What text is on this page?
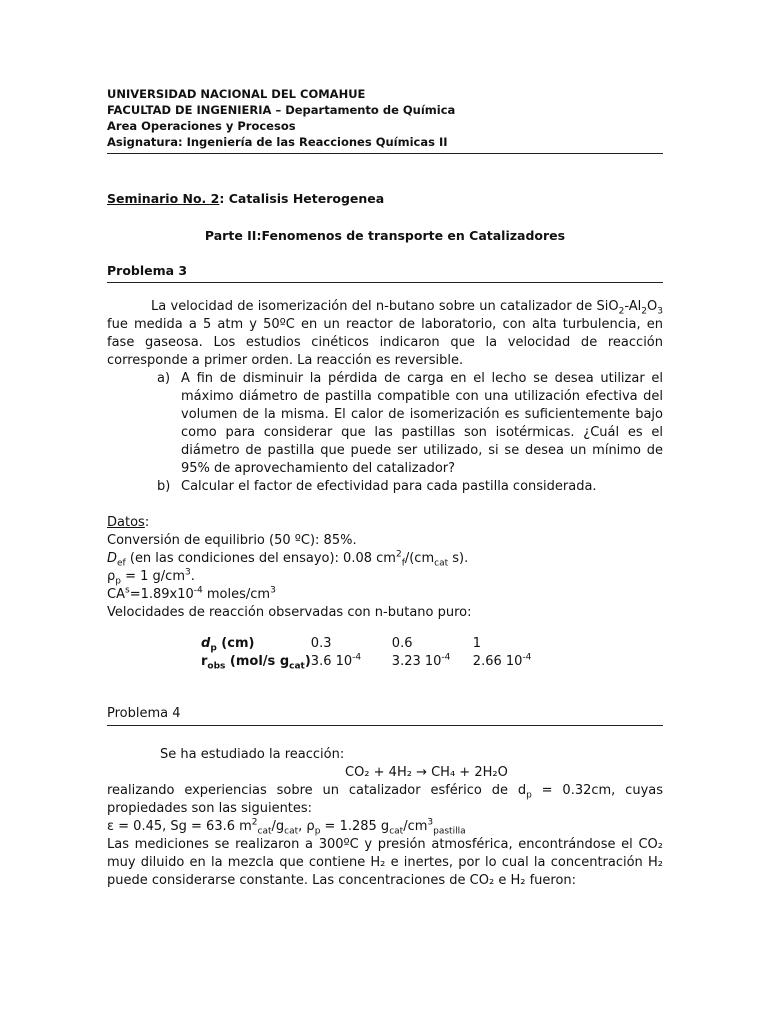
UNIVERSIDAD NACIONAL DEL COMAHUE
FACULTAD DE INGENIERIA – Departamento de Química
Area Operaciones y Procesos
Asignatura: Ingeniería de las Reacciones Químicas II
Seminario No. 2: Catalisis Heterogenea
Parte II:Fenomenos de transporte en Catalizadores
Problema 3
La velocidad de isomerización del n-butano sobre un catalizador de $SiO_2-Al_2O_3$ fue medida a 5 atm y 50ºC en un reactor de laboratorio, con alta turbulencia, en fase gaseosa. Los estudios cinéticos indicaron que la velocidad de reacción corresponde a primer orden. La reacción es reversible.
a) A fin de disminuir la pérdida de carga en el lecho se desea utilizar el máximo diámetro de pastilla compatible con una utilización efectiva del volumen de la misma. El calor de isomerización es suficientemente bajo como para considerar que las pastillas son isotérmicas. ¿Cuál es el diámetro de pastilla que puede ser utilizado, si se desea un mínimo de 95% de aprovechamiento del catalizador?
b) Calcular el factor de efectividad para cada pastilla considerada.
Datos:
Conversión de equilibrio (50 ºC): 85%.
$D_{ef}$ (en las condiciones del ensayo): 0.08 $cm^2_f/(cm_{cat}$ s).
$\rho_p = 1$ $g/cm^3$.
$CA^s=1.89x10^{-4}$ moles/$cm^3$
Velocidades de reacción observadas con n-butano puro:
$d_p$ (cm)	0.3	0.6	1
$r_{obs}$ (mol/s $g_{cat}$)	3.6 $10^{-4}$	3.23 $10^{-4}$	2.66 $10^{-4}$
Problema 4
Se ha estudiado la reacción:
CO₂ + 4H₂ → CH₄ + 2H₂O
realizando experiencias sobre un catalizador esférico de $d_p = 0.32cm$, cuyas propiedades son las siguientes:
ε = 0.45, Sg = 63.6 $m^2_{cat}/g_{cat}$, $\rho_p = 1.285$ $g_{cat}/cm^3_{pastilla}$
Las mediciones se realizaron a 300ºC y presión atmosférica, encontrándose el CO₂ muy diluido en la mezcla que contiene H₂ e inertes, por lo cual la concentración H₂ puede considerarse constante. Las concentraciones de CO₂ e H₂ fueron:
